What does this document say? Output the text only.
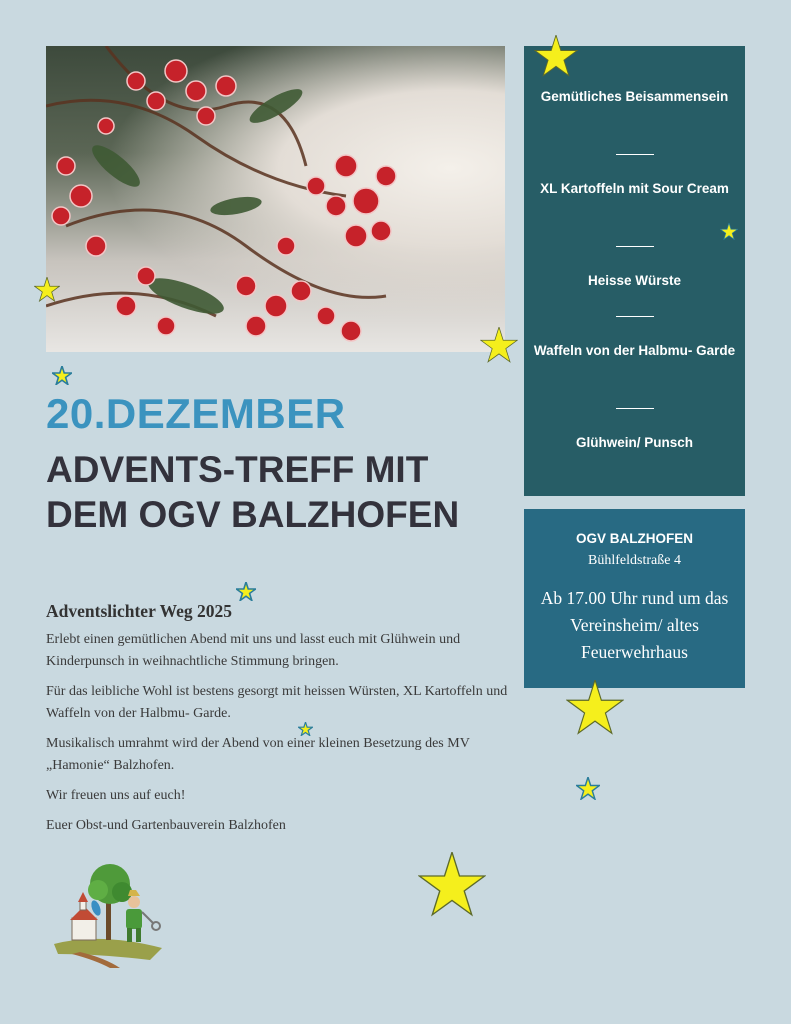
Gemütliches Beisammensein
XL Kartoffeln mit Sour Cream
Heisse Würste
Waffeln von der Halbmu- Garde
Glühwein/ Punsch
OGV BALZHOFEN
Bühlfeldstraße 4
Ab 17.00 Uhr rund um das Vereinsheim/ altes Feuerwehrhaus
20.DEZEMBER
ADVENTS-TREFF MIT DEM OGV BALZHOFEN
Adventslichter Weg 2025
Erlebt einen gemütlichen Abend mit uns und lasst euch mit Glühwein und Kinderpunsch in weihnachtliche Stimmung bringen.
Für das leibliche Wohl ist bestens gesorgt mit heissen Würsten, XL Kartoffeln und Waffeln von der Halbmu- Garde.
Musikalisch umrahmt wird der Abend von einer kleinen Besetzung des MV „Hamonie“ Balzhofen.
Wir freuen uns auf euch!
Euer Obst-und Gartenbauverein Balzhofen
